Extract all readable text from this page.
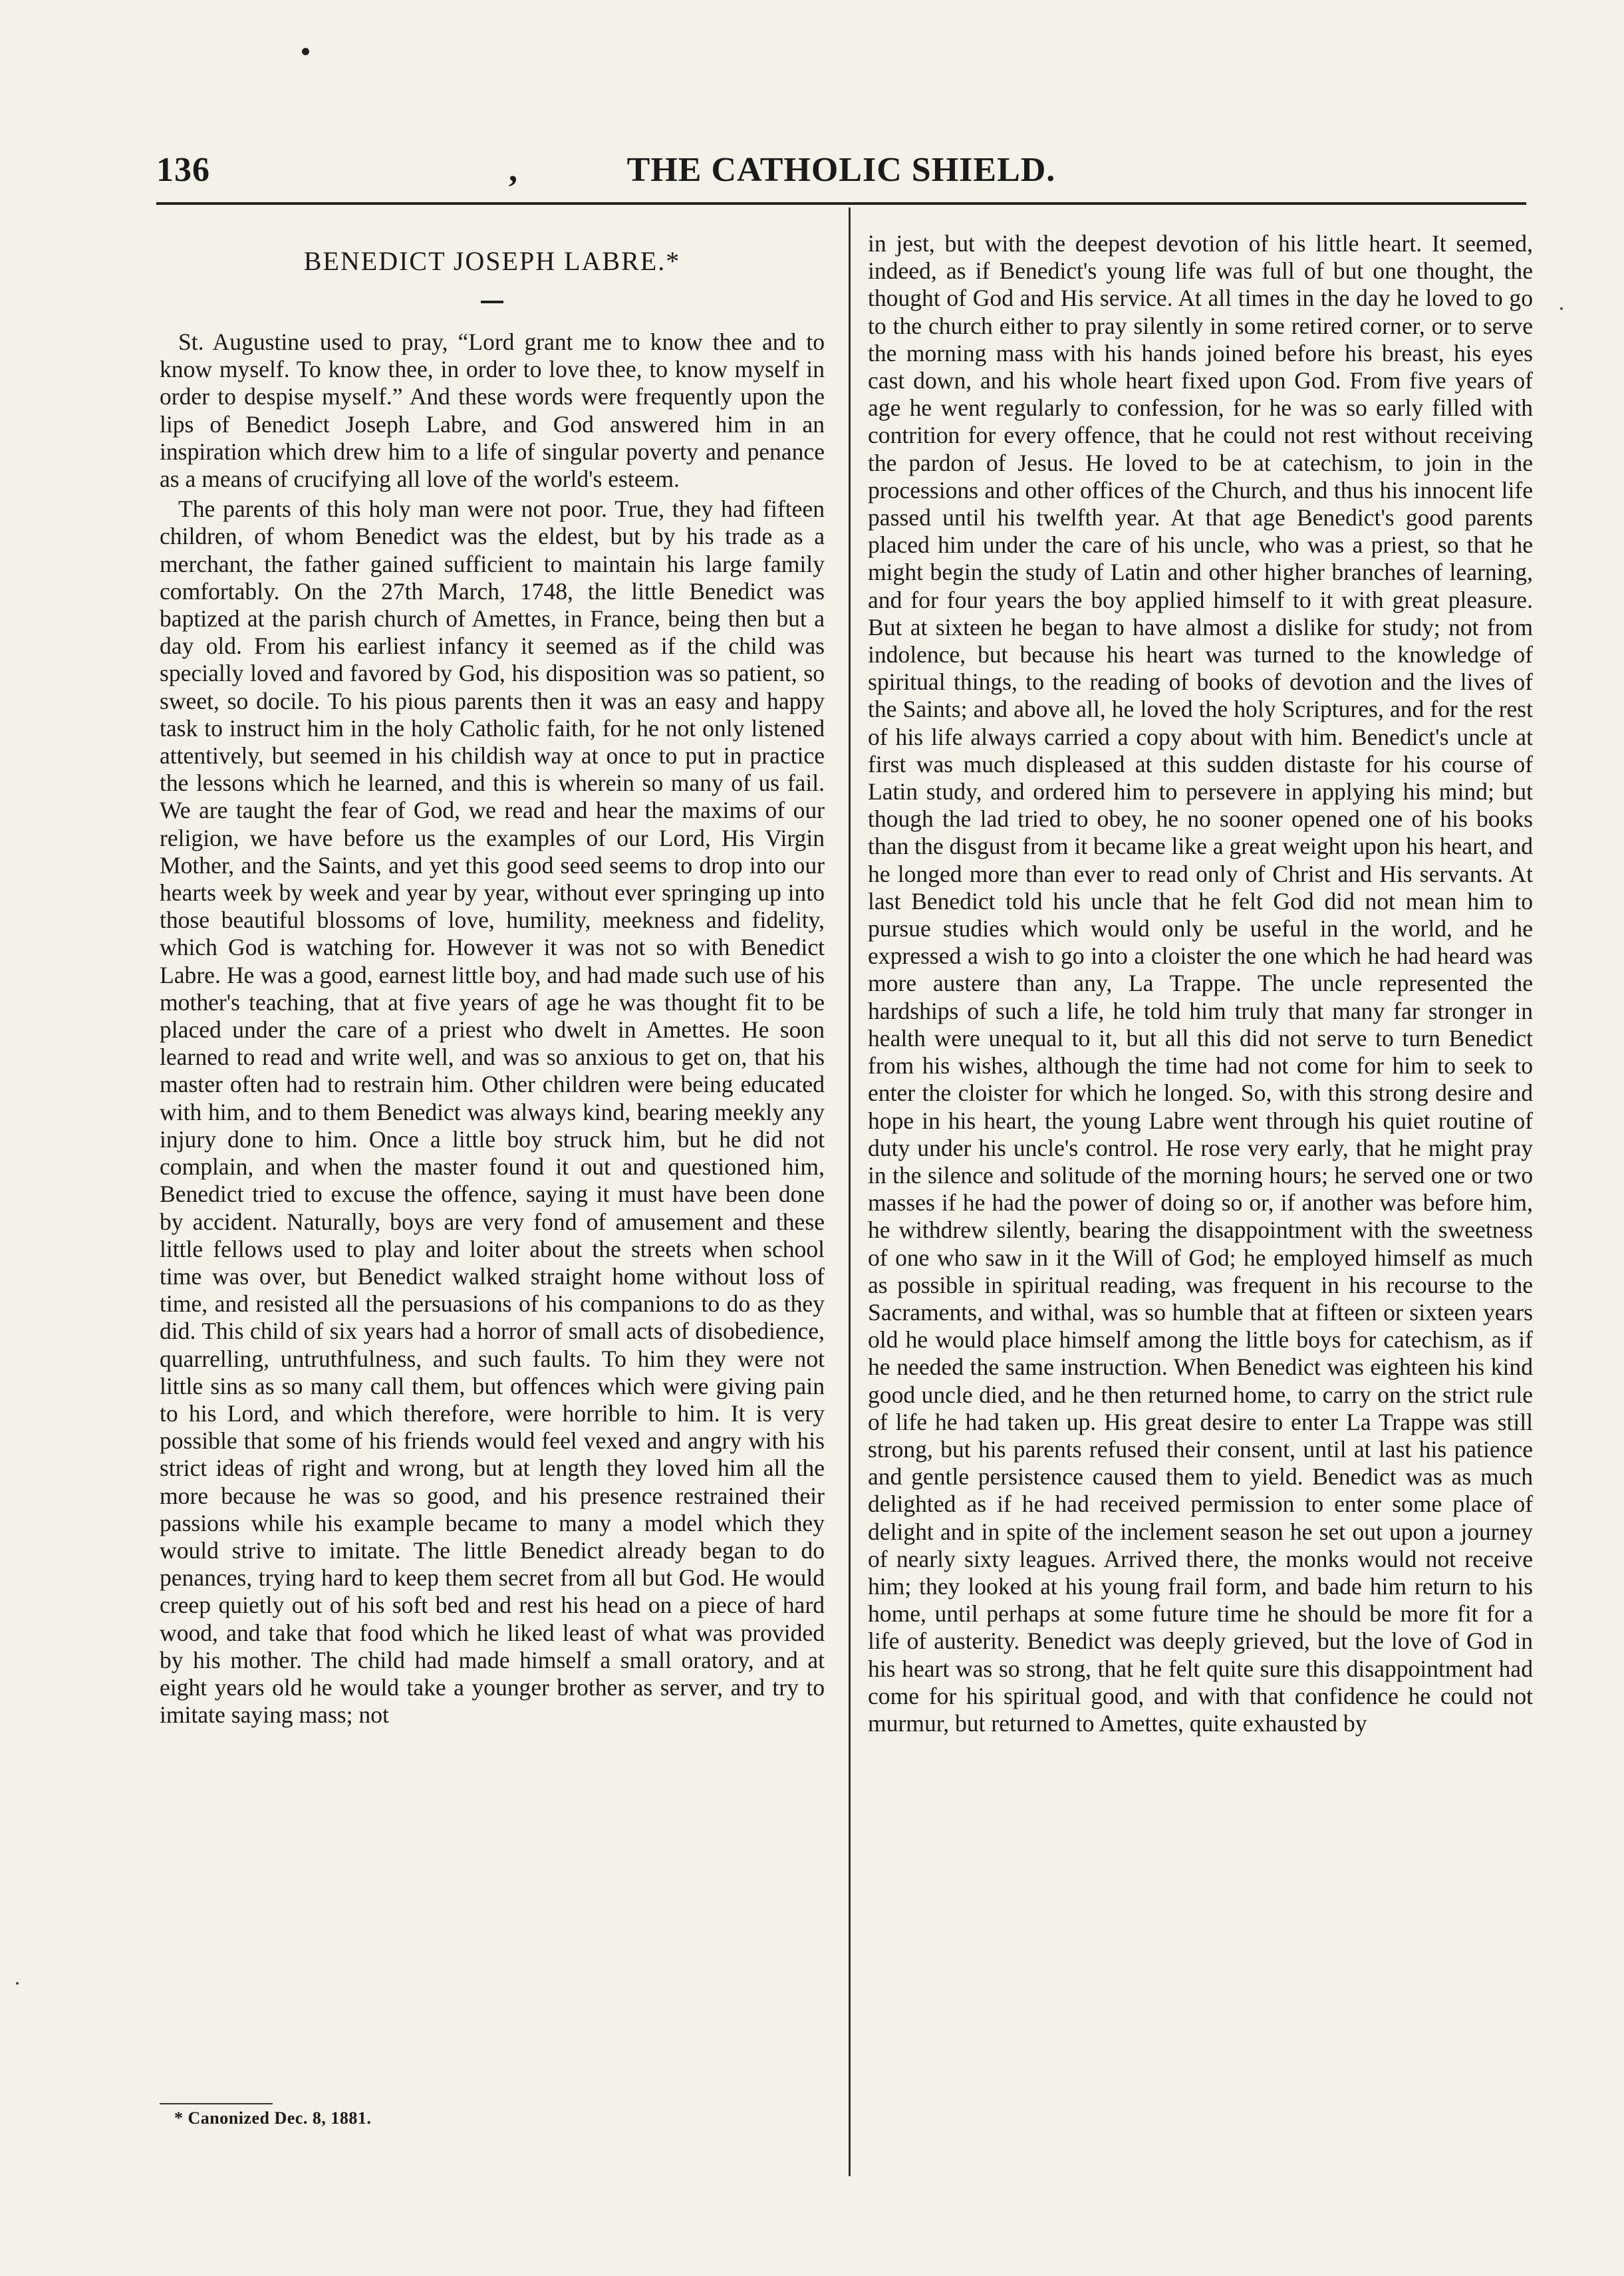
136	,	THE CATHOLIC SHIELD.
BENEDICT JOSEPH LABRE.*

St. Augustine used to pray, “Lord grant me to know thee and to know myself. To know thee, in order to love thee, to know myself in order to despise myself.” And these words were frequently upon the lips of Benedict Joseph Labre, and God answered him in an inspiration which drew him to a life of singular poverty and penance as a means of crucifying all love of the world's esteem.

The parents of this holy man were not poor. True, they had fifteen children, of whom Benedict was the eldest, but by his trade as a merchant, the father gained sufficient to maintain his large family comfortably. On the 27th March, 1748, the little Benedict was baptized at the parish church of Amettes, in France, being then but a day old. From his earliest infancy it seemed as if the child was specially loved and favored by God, his disposition was so patient, so sweet, so docile. To his pious parents then it was an easy and happy task to instruct him in the holy Catholic faith, for he not only listened attentively, but seemed in his childish way at once to put in practice the lessons which he learned, and this is wherein so many of us fail. We are taught the fear of God, we read and hear the maxims of our religion, we have before us the examples of our Lord, His Virgin Mother, and the Saints, and yet this good seed seems to drop into our hearts week by week and year by year, without ever springing up into those beautiful blossoms of love, humility, meekness and fidelity, which God is watching for. However it was not so with Benedict Labre. He was a good, earnest little boy, and had made such use of his mother's teaching, that at five years of age he was thought fit to be placed under the care of a priest who dwelt in Amettes. He soon learned to read and write well, and was so anxious to get on, that his master often had to restrain him. Other children were being educated with him, and to them Benedict was always kind, bearing meekly any injury done to him. Once a little boy struck him, but he did not complain, and when the master found it out and questioned him, Benedict tried to excuse the offence, saying it must have been done by accident. Naturally, boys are very fond of amusement and these little fellows used to play and loiter about the streets when school time was over, but Benedict walked straight home without loss of time, and resisted all the persuasions of his companions to do as they did. This child of six years had a horror of small acts of disobedience, quarrelling, untruthfulness, and such faults. To him they were not little sins as so many call them, but offences which were giving pain to his Lord, and which therefore, were horrible to him. It is very possible that some of his friends would feel vexed and angry with his strict ideas of right and wrong, but at length they loved him all the more because he was so good, and his presence restrained their passions while his example became to many a model which they would strive to imitate. The little Benedict already began to do penances, trying hard to keep them secret from all but God. He would creep quietly out of his soft bed and rest his head on a piece of hard wood, and take that food which he liked least of what was provided by his mother. The child had made himself a small oratory, and at eight years old he would take a younger brother as server, and try to imitate saying mass; not

in jest, but with the deepest devotion of his little heart. It seemed, indeed, as if Benedict's young life was full of but one thought, the thought of God and His service. At all times in the day he loved to go to the church either to pray silently in some retired corner, or to serve the morning mass with his hands joined before his breast, his eyes cast down, and his whole heart fixed upon God. From five years of age he went regularly to confession, for he was so early filled with contrition for every offence, that he could not rest without receiving the pardon of Jesus. He loved to be at catechism, to join in the processions and other offices of the Church, and thus his innocent life passed until his twelfth year. At that age Benedict's good parents placed him under the care of his uncle, who was a priest, so that he might begin the study of Latin and other higher branches of learning, and for four years the boy applied himself to it with great pleasure. But at sixteen he began to have almost a dislike for study; not from indolence, but because his heart was turned to the knowledge of spiritual things, to the reading of books of devotion and the lives of the Saints; and above all, he loved the holy Scriptures, and for the rest of his life always carried a copy about with him. Benedict's uncle at first was much displeased at this sudden distaste for his course of Latin study, and ordered him to persevere in applying his mind; but though the lad tried to obey, he no sooner opened one of his books than the disgust from it became like a great weight upon his heart, and he longed more than ever to read only of Christ and His servants. At last Benedict told his uncle that he felt God did not mean him to pursue studies which would only be useful in the world, and he expressed a wish to go into a cloister the one which he had heard was more austere than any, La Trappe. The uncle represented the hardships of such a life, he told him truly that many far stronger in health were unequal to it, but all this did not serve to turn Benedict from his wishes, although the time had not come for him to seek to enter the cloister for which he longed. So, with this strong desire and hope in his heart, the young Labre went through his quiet routine of duty under his uncle's control. He rose very early, that he might pray in the silence and solitude of the morning hours; he served one or two masses if he had the power of doing so or, if another was before him, he withdrew silently, bearing the disappointment with the sweetness of one who saw in it the Will of God; he employed himself as much as possible in spiritual reading, was frequent in his recourse to the Sacraments, and withal, was so humble that at fifteen or sixteen years old he would place himself among the little boys for catechism, as if he needed the same instruction. When Benedict was eighteen his kind good uncle died, and he then returned home, to carry on the strict rule of life he had taken up. His great desire to enter La Trappe was still strong, but his parents refused their consent, until at last his patience and gentle persistence caused them to yield. Benedict was as much delighted as if he had received permission to enter some place of delight and in spite of the inclement season he set out upon a journey of nearly sixty leagues. Arrived there, the monks would not receive him; they looked at his young frail form, and bade him return to his home, until perhaps at some future time he should be more fit for a life of austerity. Benedict was deeply grieved, but the love of God in his heart was so strong, that he felt quite sure this disappointment had come for his spiritual good, and with that confidence he could not murmur, but returned to Amettes, quite exhausted by

* Canonized Dec. 8, 1881.
